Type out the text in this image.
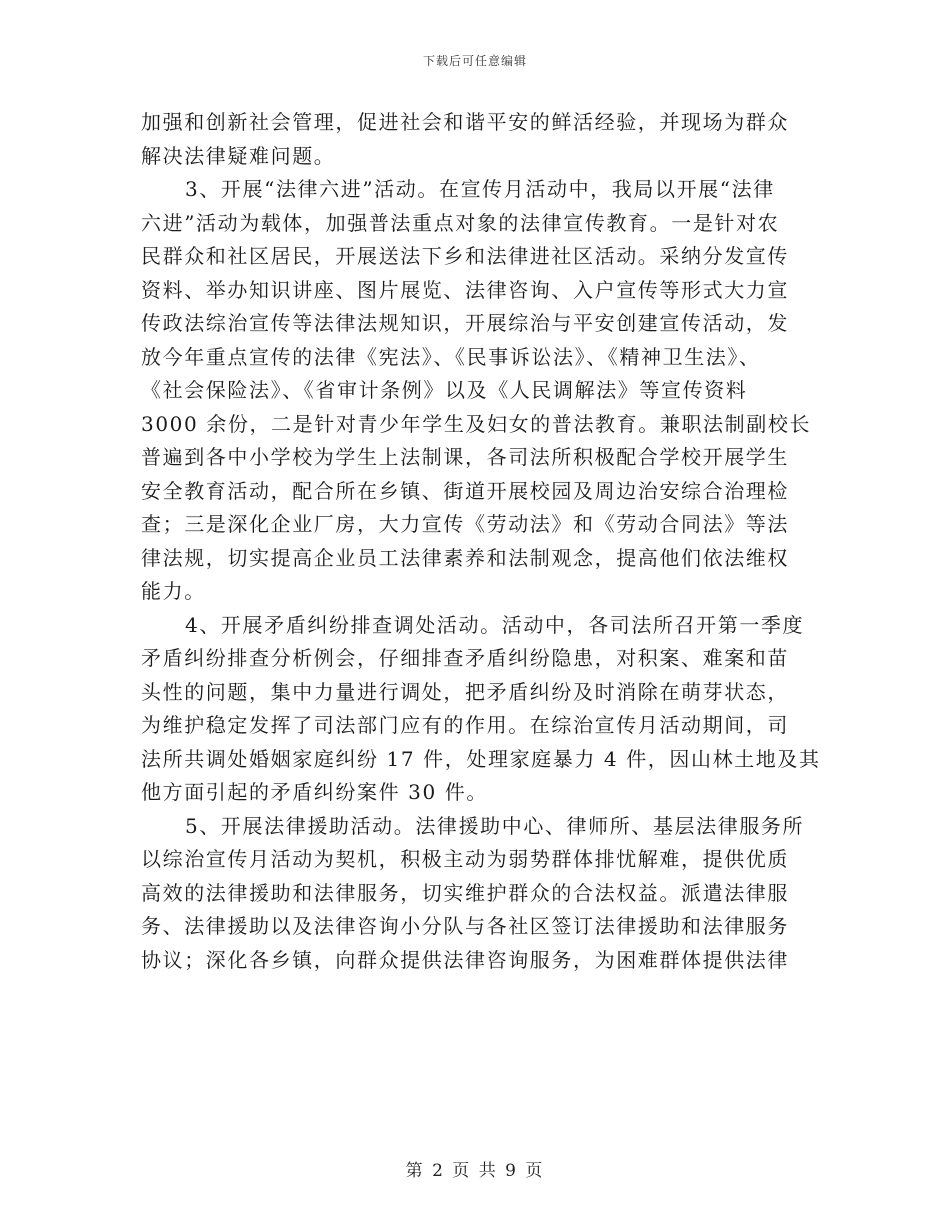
下载后可任意编辑
加强和创新社会管理，促进社会和谐平安的鲜活经验，并现场为群众
解决法律疑难问题。
3、开展“法律六进”活动。在宣传月活动中，我局以开展“法律
六进”活动为载体，加强普法重点对象的法律宣传教育。一是针对农
民群众和社区居民，开展送法下乡和法律进社区活动。采纳分发宣传
资料、举办知识讲座、图片展览、法律咨询、入户宣传等形式大力宣
传政法综治宣传等法律法规知识，开展综治与平安创建宣传活动，发
放今年重点宣传的法律《宪法》、《民事诉讼法》、《精神卫生法》、
《社会保险法》、《省审计条例》以及《人民调解法》等宣传资料
3000 余份，二是针对青少年学生及妇女的普法教育。兼职法制副校长
普遍到各中小学校为学生上法制课，各司法所积极配合学校开展学生
安全教育活动，配合所在乡镇、街道开展校园及周边治安综合治理检
查；三是深化企业厂房，大力宣传《劳动法》和《劳动合同法》等法
律法规，切实提高企业员工法律素养和法制观念，提高他们依法维权
能力。
4、开展矛盾纠纷排查调处活动。活动中，各司法所召开第一季度
矛盾纠纷排查分析例会，仔细排查矛盾纠纷隐患，对积案、难案和苗
头性的问题，集中力量进行调处，把矛盾纠纷及时消除在萌芽状态，
为维护稳定发挥了司法部门应有的作用。在综治宣传月活动期间，司
法所共调处婚姻家庭纠纷 17 件，处理家庭暴力 4 件，因山林土地及其
他方面引起的矛盾纠纷案件 30 件。
5、开展法律援助活动。法律援助中心、律师所、基层法律服务所
以综治宣传月活动为契机，积极主动为弱势群体排忧解难，提供优质
高效的法律援助和法律服务，切实维护群众的合法权益。派遣法律服
务、法律援助以及法律咨询小分队与各社区签订法律援助和法律服务
协议；深化各乡镇，向群众提供法律咨询服务，为困难群体提供法律
第 2 页 共 9 页
